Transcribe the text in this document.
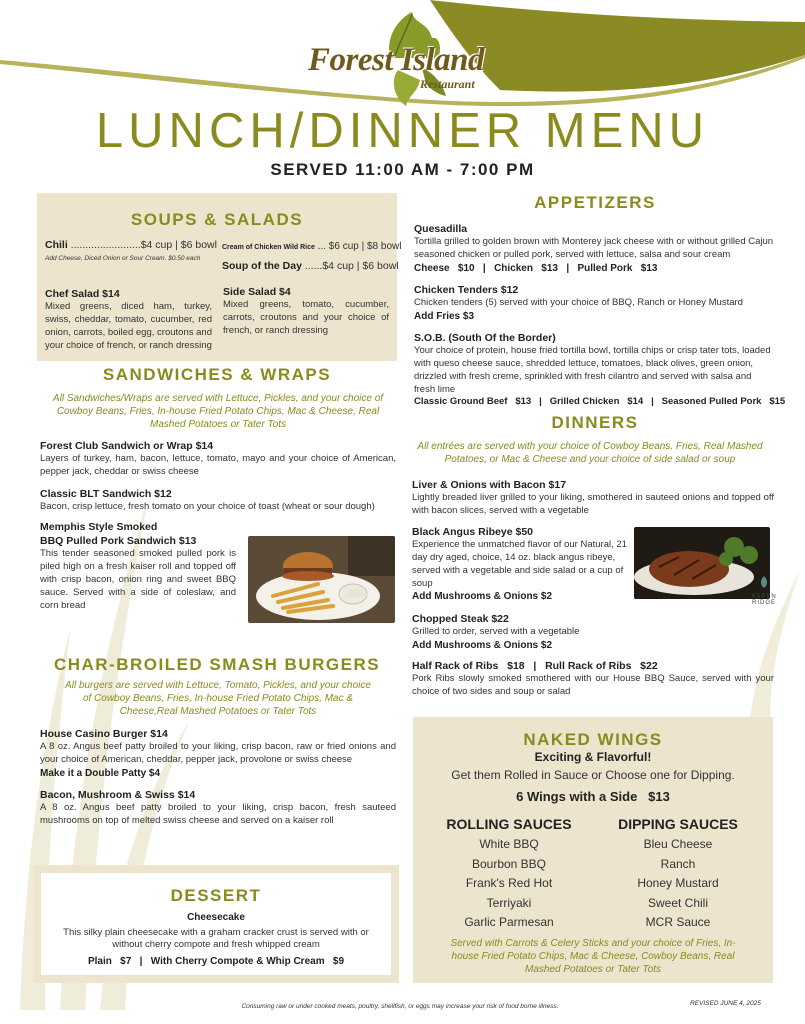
Forest Island
Restaurant
LUNCH/DINNER MENU
SERVED 11:00 AM - 7:00 PM
SOUPS & SALADS
Chili ........................$4 cup | $6 bowl
Add Cheese, Diced Onion or Sour Cream. $0.50 each
Cream of Chicken Wild Rice ... $6 cup | $8 bowl
Soup of the Day ......$4 cup | $6 bowl
Chef Salad $14
Mixed greens, diced ham, turkey, swiss, cheddar, tomato, cucumber, red onion, carrots, boiled egg, croutons and your choice of french, or ranch dressing
Side Salad $4
Mixed greens, tomato, cucumber, carrots, croutons and your choice of french, or ranch dressing
SANDWICHES & WRAPS
All Sandwiches/Wraps are served with Lettuce, Pickles, and your choice of Cowboy Beans, Fries, In-house Fried Potato Chips, Mac & Cheese, Real Mashed Potatoes or Tater Tots
Forest Club Sandwich or Wrap $14
Layers of turkey, ham, bacon, lettuce, tomato, mayo and your choice of American, pepper jack, cheddar or swiss cheese
Classic BLT Sandwich $12
Bacon, crisp lettuce, fresh tomato on your choice of toast (wheat or sour dough)
Memphis Style Smoked
BBQ Pulled Pork Sandwich $13
This tender seasoned smoked pulled pork is piled high on a fresh kaiser roll and topped off with crisp bacon, onion ring and sweet BBQ sauce. Served with a side of coleslaw, and corn bread
CHAR-BROILED SMASH BURGERS
All burgers are served with Lettuce, Tomato, Pickles, and your choice of Cowboy Beans, Fries, In-house Fried Potato Chips, Mac & Cheese,Real Mashed Potatoes or Tater Tots
House Casino Burger $14
A 8 oz. Angus beef patty broiled to your liking, crisp bacon, raw or fried onions and your choice of American, cheddar, pepper jack, provolone or swiss cheese
Make it a Double Patty $4
Bacon, Mushroom & Swiss $14
A 8 oz. Angus beef patty broiled to your liking, crisp bacon, fresh sauteed mushrooms on top of melted swiss cheese and served on a kaiser roll
DESSERT
Cheesecake
This silky plain cheesecake with a graham cracker crust is served with or without cherry compote and fresh whipped cream
Plain   $7   |   With Cherry Compote & Whip Cream   $9
APPETIZERS
Quesadilla
Tortilla grilled to golden brown with Monterey jack cheese with or without grilled Cajun seasoned chicken or pulled pork, served with lettuce, salsa and sour cream
Cheese   $10   |   Chicken   $13   |   Pulled Pork   $13
Chicken Tenders $12
Chicken tenders (5) served with your choice of BBQ, Ranch or Honey Mustard
Add Fries $3
S.O.B. (South Of the Border)
Your choice of protein, house fried tortilla bowl, tortilla chips or crisp tater tots, loaded with queso cheese sauce, shredded lettuce, tomatoes, black olives, green onion, drizzled with fresh creme, sprinkled with fresh cilantro and served with salsa and fresh lime
Classic Ground Beef   $13   |   Grilled Chicken   $14   |   Seasoned Pulled Pork   $15
DINNERS
All entrées are served with your choice of Cowboy Beans, Fries, Real Mashed Potatoes, or Mac & Cheese and your choice of side salad or soup
Liver & Onions with Bacon $17
Lightly breaded liver grilled to your liking, smothered in sauteed onions and topped off with bacon slices, served with a vegetable
Black Angus Ribeye $50
Experience the unmatched flavor of our Natural, 21 day dry aged, choice, 14 oz. black angus ribeye, served with a vegetable and side salad or a cup of soup
Add Mushrooms & Onions $2	ASPEN
RIDGE
Chopped Steak $22
Grilled to order, served with a vegetable
Add Mushrooms & Onions $2
Half Rack of Ribs   $18   |   Rull Rack of Ribs   $22
Pork Ribs slowly smoked smothered with our House BBQ Sauce, served with your choice of two sides and soup or salad
NAKED WINGS
Exciting & Flavorful!
Get them Rolled in Sauce or Choose one for Dipping.
6 Wings with a Side   $13
ROLLING SAUCES
White BBQ
Bourbon BBQ
Frank's Red Hot
Terriyaki
Garlic Parmesan
DIPPING SAUCES
Bleu Cheese
Ranch
Honey Mustard
Sweet Chili
MCR Sauce
Served with Carrots & Celery Sticks and your choice of Fries, In-house Fried Potato Chips, Mac & Cheese, Cowboy Beans, Real Mashed Potatoes or Tater Tots
Consuming raw or under cooked meats, poultry, shellfish, or eggs may increase your risk of food borne illness.	REVISED JUNE 4, 2025
